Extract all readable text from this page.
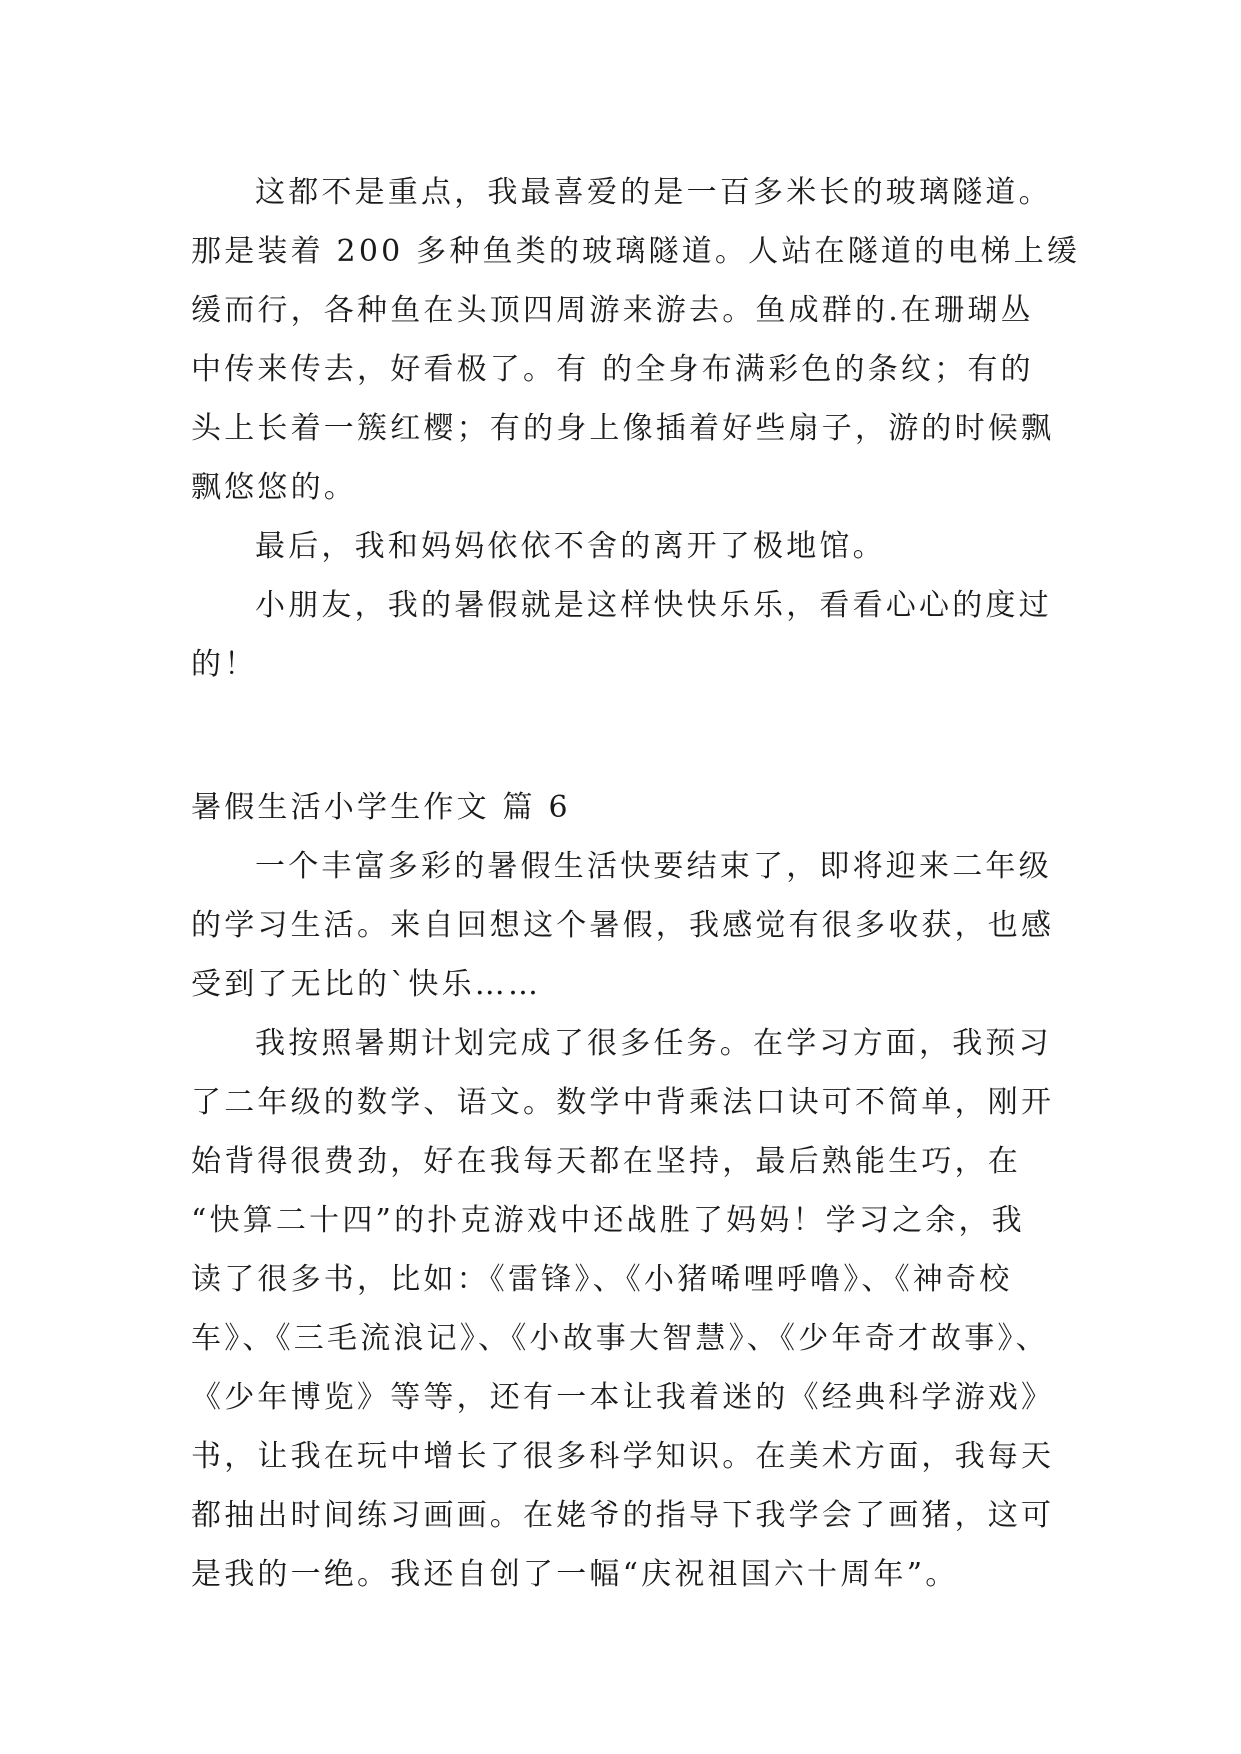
这都不是重点，我最喜爱的是一百多米长的玻璃隧道。
那是装着 200 多种鱼类的玻璃隧道。人站在隧道的电梯上缓
缓而行，各种鱼在头顶四周游来游去。鱼成群的.在珊瑚丛
中传来传去，好看极了。有 的全身布满彩色的条纹；有的
头上长着一簇红樱；有的身上像插着好些扇子，游的时候飘
飘悠悠的。
最后，我和妈妈依依不舍的离开了极地馆。
小朋友，我的暑假就是这样快快乐乐，看看心心的度过
的！
暑假生活小学生作文 篇 6
一个丰富多彩的暑假生活快要结束了，即将迎来二年级
的学习生活。来自回想这个暑假，我感觉有很多收获，也感
受到了无比的`快乐……
我按照暑期计划完成了很多任务。在学习方面，我预习
了二年级的数学、语文。数学中背乘法口诀可不简单，刚开
始背得很费劲，好在我每天都在坚持，最后熟能生巧，在
“快算二十四”的扑克游戏中还战胜了妈妈！学习之余，我
读了很多书，比如：《雷锋》、《小猪唏哩呼噜》、《神奇校
车》、《三毛流浪记》、《小故事大智慧》、《少年奇才故事》、
《少年博览》等等，还有一本让我着迷的《经典科学游戏》
书，让我在玩中增长了很多科学知识。在美术方面，我每天
都抽出时间练习画画。在姥爷的指导下我学会了画猪，这可
是我的一绝。我还自创了一幅“庆祝祖国六十周年”。
